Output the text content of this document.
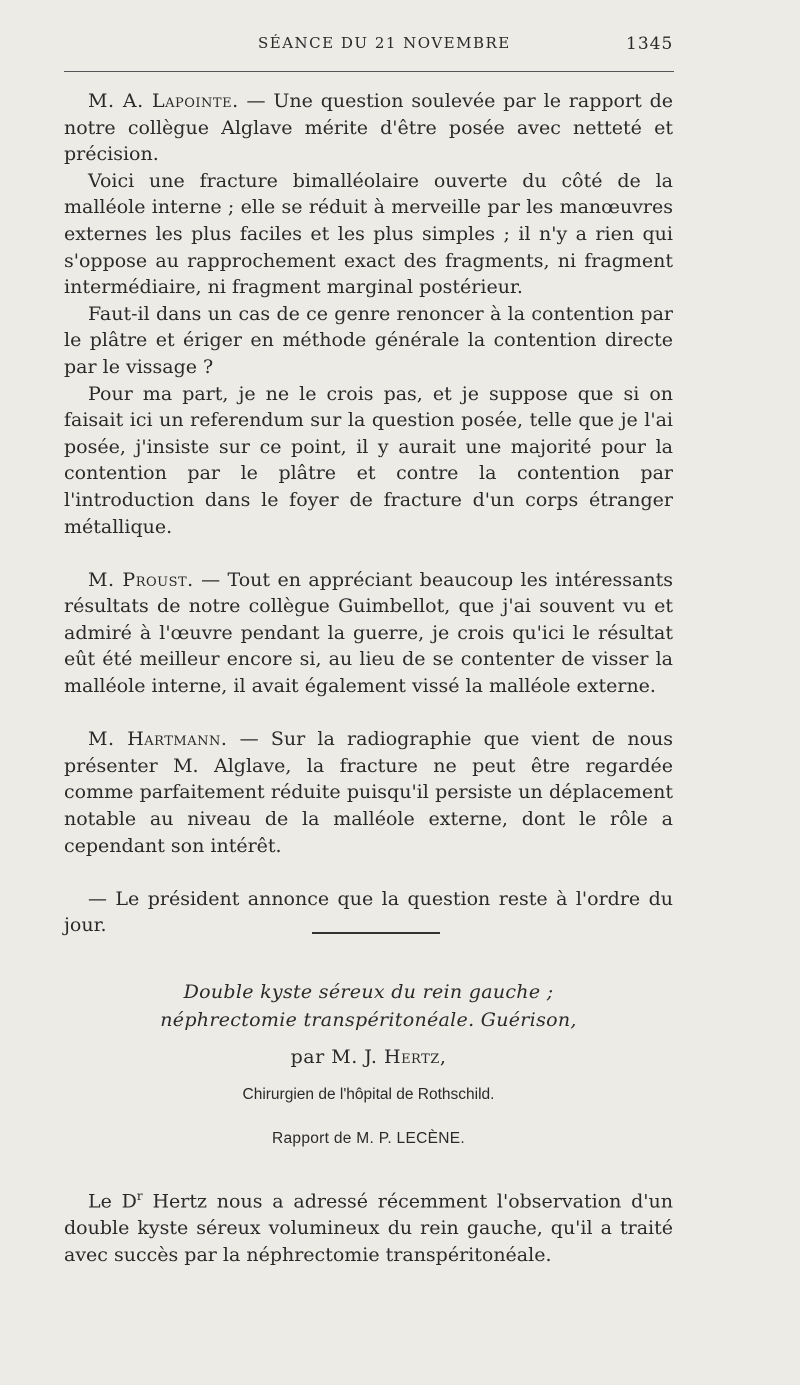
SÉANCE DU 21 NOVEMBRE	1345

M. A. Lapointe. — Une question soulevée par le rapport de notre collègue Alglave mérite d'être posée avec netteté et précision.

Voici une fracture bimalléolaire ouverte du côté de la malléole interne ; elle se réduit à merveille par les manœuvres externes les plus faciles et les plus simples ; il n'y a rien qui s'oppose au rapprochement exact des fragments, ni fragment intermédiaire, ni fragment marginal postérieur.

Faut-il dans un cas de ce genre renoncer à la contention par le plâtre et ériger en méthode générale la contention directe par le vissage ?

Pour ma part, je ne le crois pas, et je suppose que si on faisait ici un referendum sur la question posée, telle que je l'ai posée, j'insiste sur ce point, il y aurait une majorité pour la contention par le plâtre et contre la contention par l'introduction dans le foyer de fracture d'un corps étranger métallique.

M. Proust. — Tout en appréciant beaucoup les intéressants résultats de notre collègue Guimbellot, que j'ai souvent vu et admiré à l'œuvre pendant la guerre, je crois qu'ici le résultat eût été meilleur encore si, au lieu de se contenter de visser la malléole interne, il avait également vissé la malléole externe.

M. Hartmann. — Sur la radiographie que vient de nous présenter M. Alglave, la fracture ne peut être regardée comme parfaitement réduite puisqu'il persiste un déplacement notable au niveau de la malléole externe, dont le rôle a cependant son intérêt.

— Le président annonce que la question reste à l'ordre du jour.

Double kyste séreux du rein gauche ;
néphrectomie transpéritonéale. Guérison,
par M. J. Hertz,
Chirurgien de l'hôpital de Rothschild.
Rapport de M. P. LECÈNE.

Le $D^r$ Hertz nous a adressé récemment l'observation d'un double kyste séreux volumineux du rein gauche, qu'il a traité avec succès par la néphrectomie transpéritonéale.
